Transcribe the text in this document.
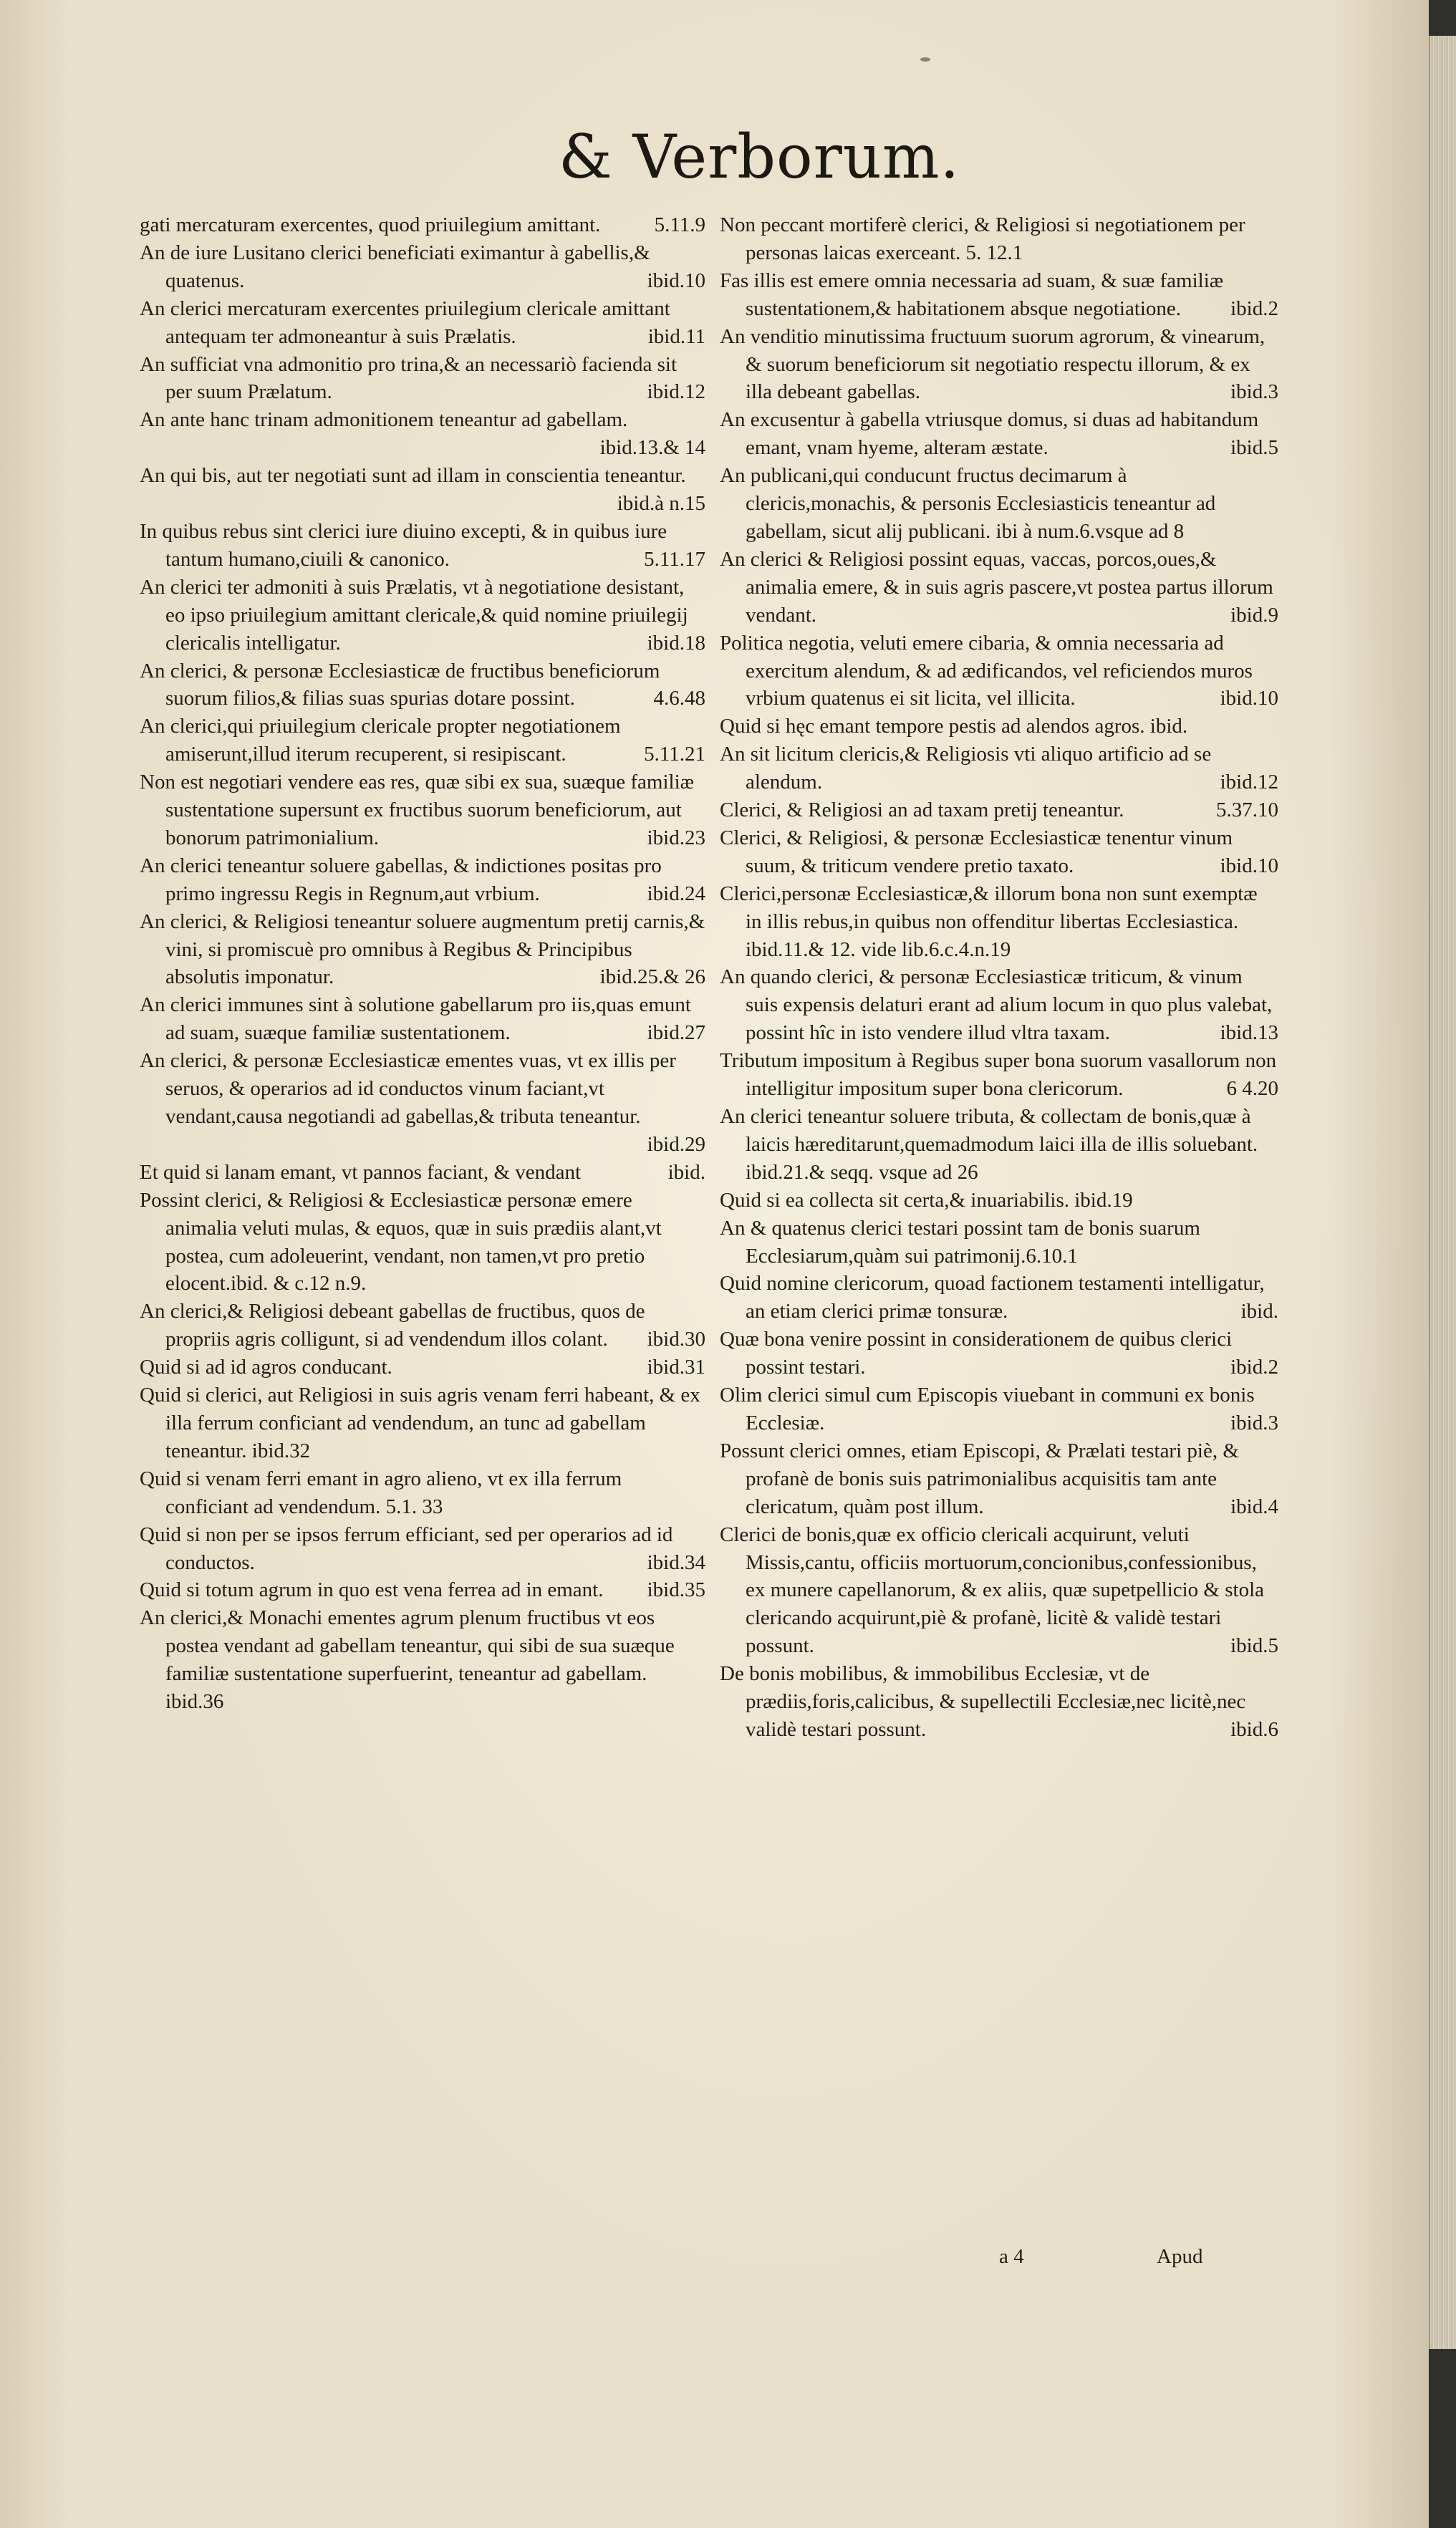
& Verborum.

gati mercaturam exercentes, quod priuilegium amittant.	5.11.9

An de iure Lusitano clerici beneficiati eximantur à gabellis,& quatenus.	ibid.10

An clerici mercaturam exercentes priuilegium clericale amittant antequam ter admoneantur à suis Prælatis.	ibid.11

An sufficiat vna admonitio pro trina,& an necessariò facienda sit per suum Prælatum.	ibid.12

An ante hanc trinam admonitionem teneantur ad gabellam.
ibid.13.& 14

An qui bis, aut ter negotiati sunt ad illam in conscientia teneantur.
ibid.à n.15

In quibus rebus sint clerici iure diuino excepti, & in quibus iure tantum humano,ciuili & canonico.	5.11.17

An clerici ter admoniti à suis Prælatis, vt à negotiatione desistant, eo ipso priuilegium amittant clericale,& quid nomine priuilegij clericalis intelligatur.	ibid.18

An clerici, & personæ Ecclesiasticæ de fructibus beneficiorum suorum filios,& filias suas spurias dotare possint.	4.6.48

An clerici,qui priuilegium clericale propter negotiationem amiserunt,illud iterum recuperent, si resipiscant.	5.11.21

Non est negotiari vendere eas res, quæ sibi ex sua, suæque familiæ sustentatione supersunt ex fructibus suorum beneficiorum, aut bonorum patrimonialium.	ibid.23

An clerici teneantur soluere gabellas, & indictiones positas pro primo ingressu Regis in Regnum,aut vrbium.	ibid.24

An clerici, & Religiosi teneantur soluere augmentum pretij carnis,& vini, si promiscuè pro omnibus à Regibus & Principibus absolutis imponatur.	ibid.25.& 26

An clerici immunes sint à solutione gabellarum pro iis,quas emunt ad suam, suæque familiæ sustentationem.	ibid.27

An clerici, & personæ Ecclesiasticæ ementes vuas, vt ex illis per seruos, & operarios ad id conductos vinum faciant,vt vendant,causa negotiandi ad gabellas,& tributa teneantur.
ibid.29

Et quid si lanam emant, vt pannos faciant, & vendant	ibid.

Possint clerici, & Religiosi & Ecclesiasticæ personæ emere animalia veluti mulas, & equos, quæ in suis prædiis alant,vt postea, cum adoleuerint, vendant, non tamen,vt pro pretio elocent.ibid. & c.12 n.9.

An clerici,& Religiosi debeant gabellas de fructibus, quos de propriis agris colligunt, si ad vendendum illos colant.	ibid.30

Quid si ad id agros conducant.	ibid.31

Quid si clerici, aut Religiosi in suis agris venam ferri habeant, & ex illa ferrum conficiant ad vendendum, an tunc ad gabellam teneantur. ibid.32

Quid si venam ferri emant in agro alieno, vt ex illa ferrum conficiant ad vendendum. 5.1. 33

Quid si non per se ipsos ferrum efficiant, sed per operarios ad id conductos.	ibid.34

Quid si totum agrum in quo est vena ferrea ad in emant.	ibid.35

An clerici,& Monachi ementes agrum plenum fructibus vt eos postea vendant ad gabellam teneantur, qui sibi de sua suæque familiæ sustentatione superfuerint, teneantur ad gabellam. ibid.36

Non peccant mortiferè clerici, & Religiosi si negotiationem per personas laicas exerceant. 5. 12.1

Fas illis est emere omnia necessaria ad suam, & suæ familiæ sustentationem,& habitationem absque negotiatione.	ibid.2

An venditio minutissima fructuum suorum agrorum, & vinearum, & suorum beneficiorum sit negotiatio respectu illorum, & ex illa debeant gabellas.	ibid.3

An excusentur à gabella vtriusque domus, si duas ad habitandum emant, vnam hyeme, alteram æstate.	ibid.5

An publicani,qui conducunt fructus decimarum à clericis,monachis, & personis Ecclesiasticis teneantur ad gabellam, sicut alij publicani. ibi à num.6.vsque ad 8

An clerici & Religiosi possint equas, vaccas, porcos,oues,& animalia emere, & in suis agris pascere,vt postea partus illorum vendant.	ibid.9

Politica negotia, veluti emere cibaria, & omnia necessaria ad exercitum alendum, & ad ædificandos, vel reficiendos muros vrbium quatenus ei sit licita, vel illicita.	ibid.10

Quid si hęc emant tempore pestis ad alendos agros. ibid.

An sit licitum clericis,& Religiosis vti aliquo artificio ad se alendum.	ibid.12

Clerici, & Religiosi an ad taxam pretij teneantur.	5.37.10

Clerici, & Religiosi, & personæ Ecclesiasticæ tenentur vinum suum, & triticum vendere pretio taxato.	ibid.10

Clerici,personæ Ecclesiasticæ,& illorum bona non sunt exemptæ in illis rebus,in quibus non offenditur libertas Ecclesiastica. ibid.11.& 12. vide lib.6.c.4.n.19

An quando clerici, & personæ Ecclesiasticæ triticum, & vinum suis expensis delaturi erant ad alium locum in quo plus valebat, possint hîc in isto vendere illud vltra taxam.	ibid.13

Tributum impositum à Regibus super bona suorum vasallorum non intelligitur impositum super bona clericorum.	6 4.20

An clerici teneantur soluere tributa, & collectam de bonis,quæ à laicis hæreditarunt,quemadmodum laici illa de illis soluebant. ibid.21.& seqq. vsque ad 26

Quid si ea collecta sit certa,& inuariabilis. ibid.19

An & quatenus clerici testari possint tam de bonis suarum Ecclesiarum,quàm sui patrimonij.6.10.1

Quid nomine clericorum, quoad factionem testamenti intelligatur, an etiam clerici primæ tonsuræ.	ibid.

Quæ bona venire possint in considerationem de quibus clerici possint testari.	ibid.2

Olim clerici simul cum Episcopis viuebant in communi ex bonis Ecclesiæ.	ibid.3

Possunt clerici omnes, etiam Episcopi, & Prælati testari piè, & profanè de bonis suis patrimonialibus acquisitis tam ante clericatum, quàm post illum.	ibid.4

Clerici de bonis,quæ ex officio clericali acquirunt, veluti Missis,cantu, officiis mortuorum,concionibus,confessionibus, ex munere capellanorum, & ex aliis, quæ supetpellicio & stola clericando acquirunt,piè & profanè, licitè & validè testari possunt.	ibid.5

De bonis mobilibus, & immobilibus Ecclesiæ, vt de prædiis,foris,calicibus, & supellectili Ecclesiæ,nec licitè,nec validè testari possunt.	ibid.6

a 4	Apud
